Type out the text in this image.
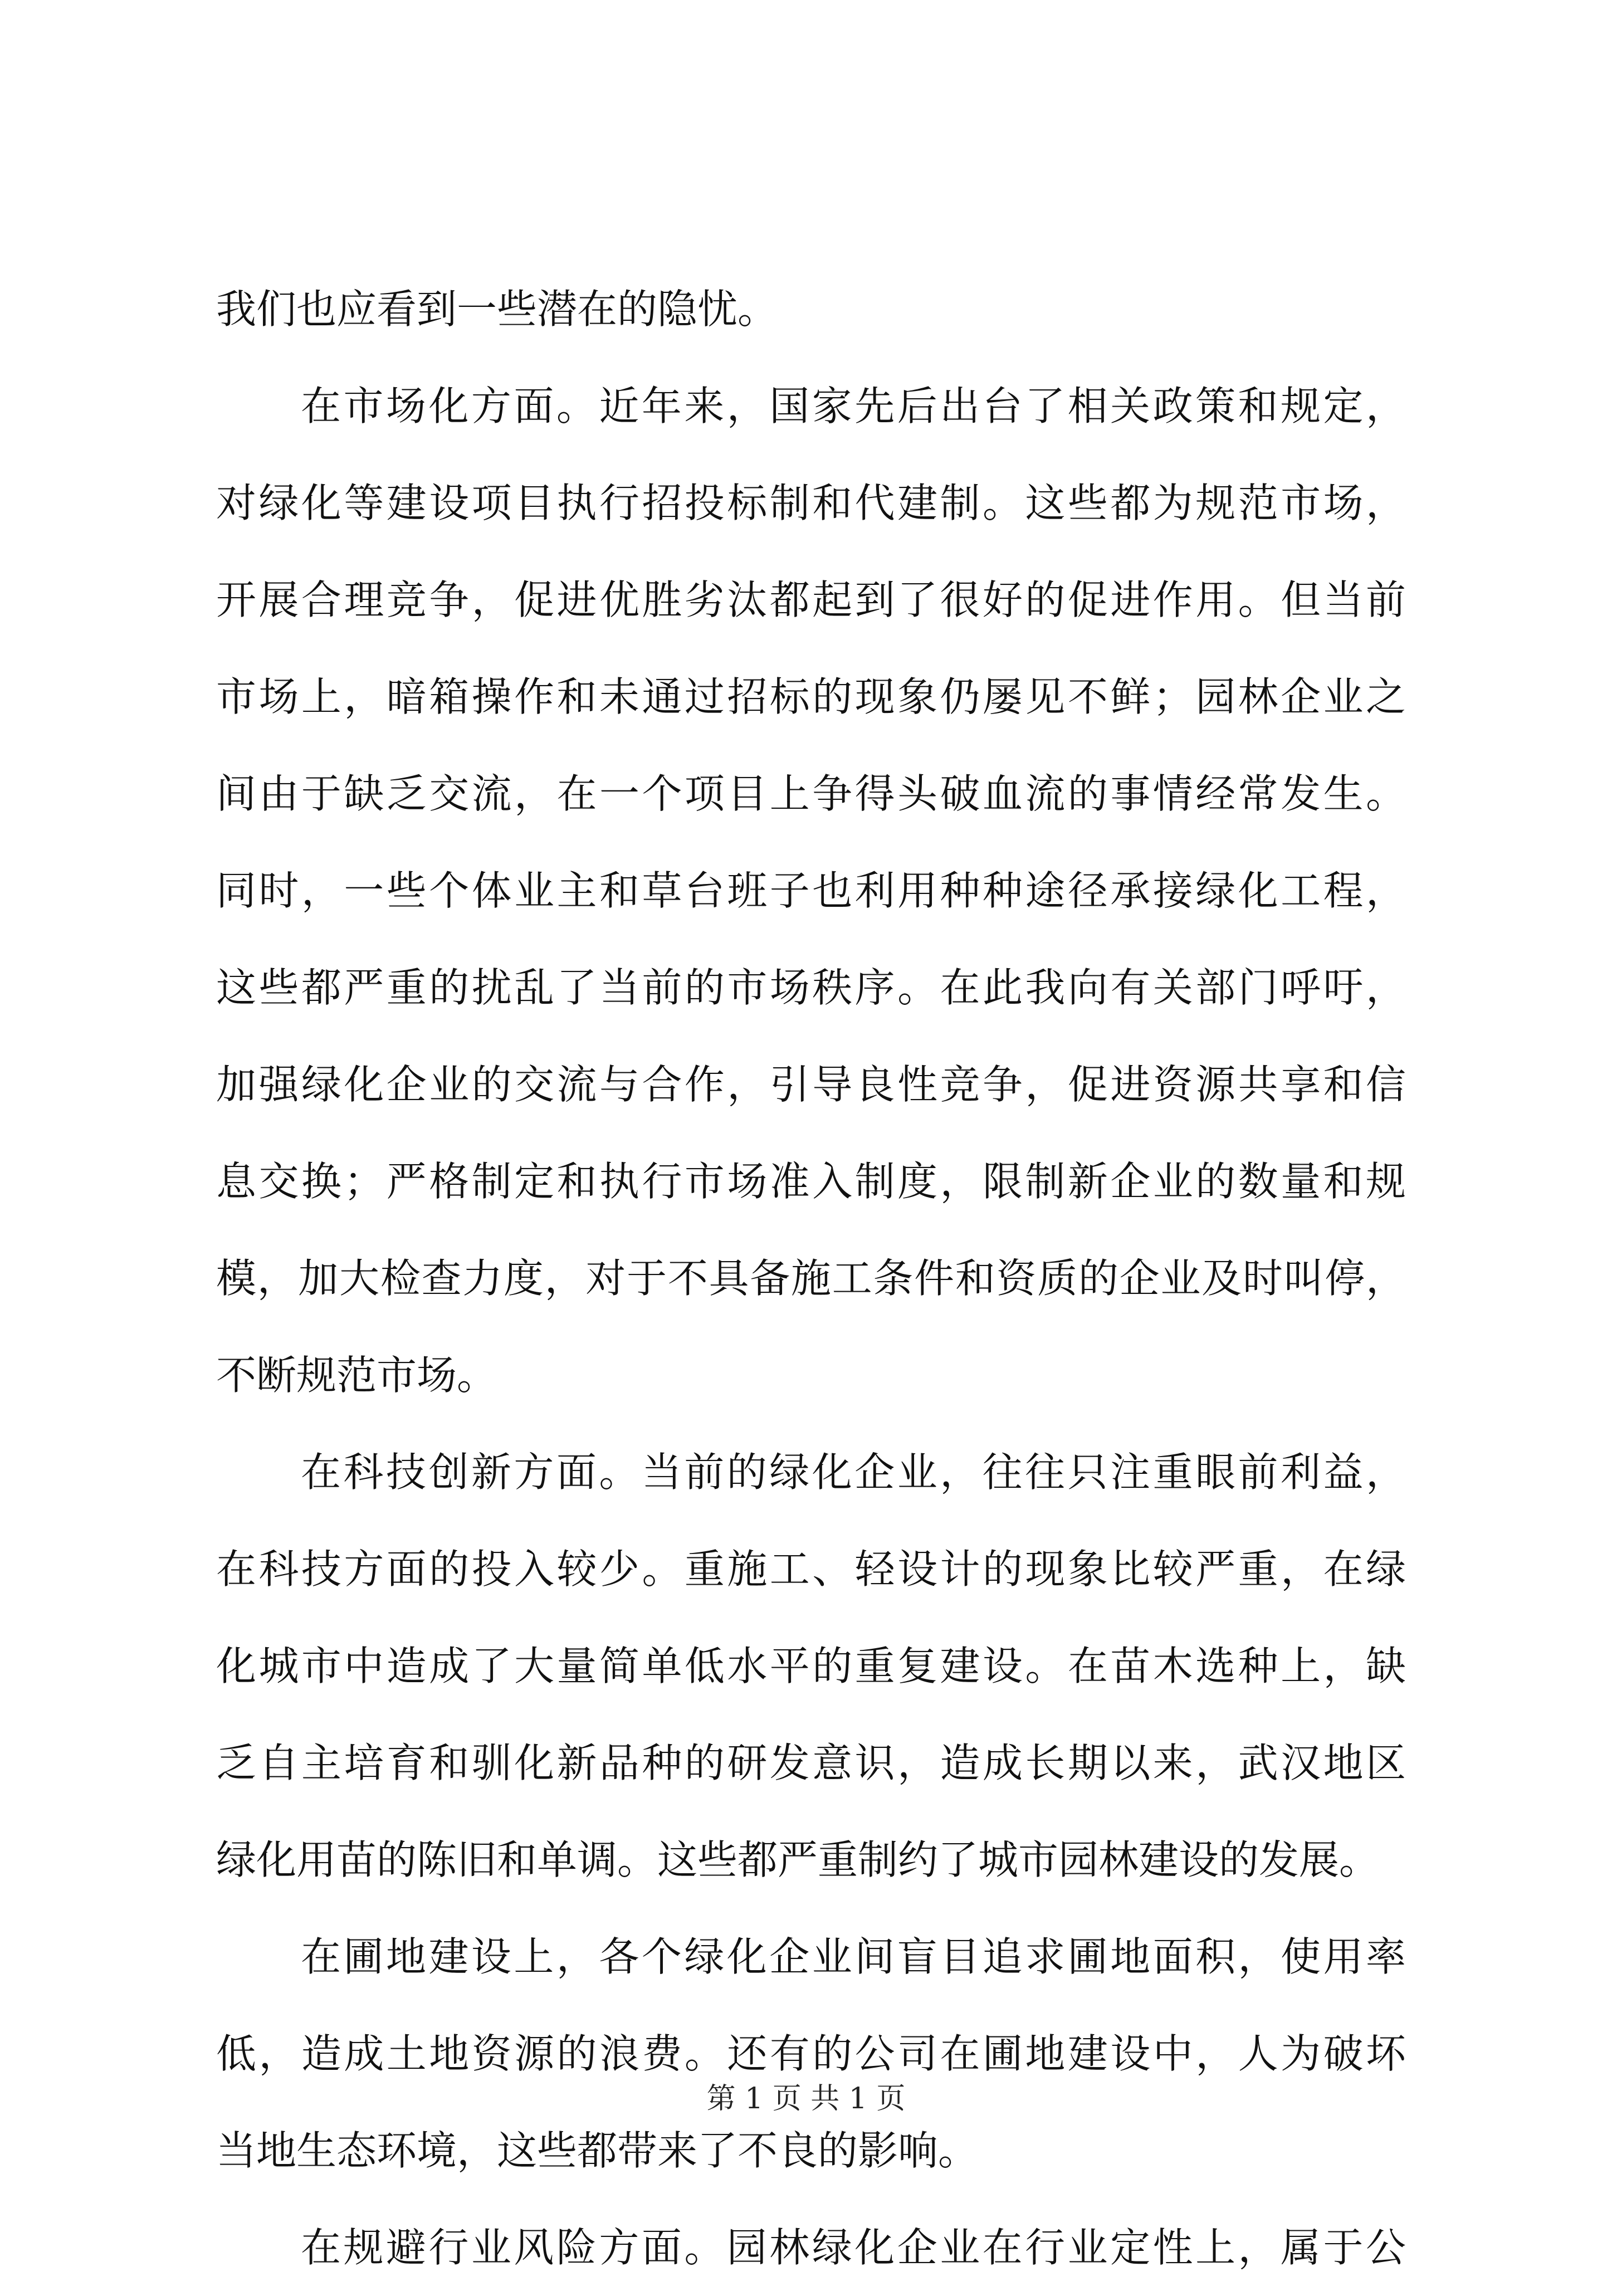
我们也应看到一些潜在的隐忧。
在市场化方面。近年来，国家先后出台了相关政策和规定，
对绿化等建设项目执行招投标制和代建制。这些都为规范市场，
开展合理竞争，促进优胜劣汰都起到了很好的促进作用。但当前
市场上，暗箱操作和未通过招标的现象仍屡见不鲜；园林企业之
间由于缺乏交流，在一个项目上争得头破血流的事情经常发生。
同时，一些个体业主和草台班子也利用种种途径承接绿化工程，
这些都严重的扰乱了当前的市场秩序。在此我向有关部门呼吁，
加强绿化企业的交流与合作，引导良性竞争，促进资源共享和信
息交换；严格制定和执行市场准入制度，限制新企业的数量和规
模，加大检查力度，对于不具备施工条件和资质的企业及时叫停，
不断规范市场。
在科技创新方面。当前的绿化企业，往往只注重眼前利益，
在科技方面的投入较少。重施工、轻设计的现象比较严重，在绿
化城市中造成了大量简单低水平的重复建设。在苗木选种上，缺
乏自主培育和驯化新品种的研发意识，造成长期以来，武汉地区
绿化用苗的陈旧和单调。这些都严重制约了城市园林建设的发展。
在圃地建设上，各个绿化企业间盲目追求圃地面积，使用率
低，造成土地资源的浪费。还有的公司在圃地建设中，人为破坏
当地生态环境，这些都带来了不良的影响。
在规避行业风险方面。园林绿化企业在行业定性上，属于公
第 1 页 共 1 页
